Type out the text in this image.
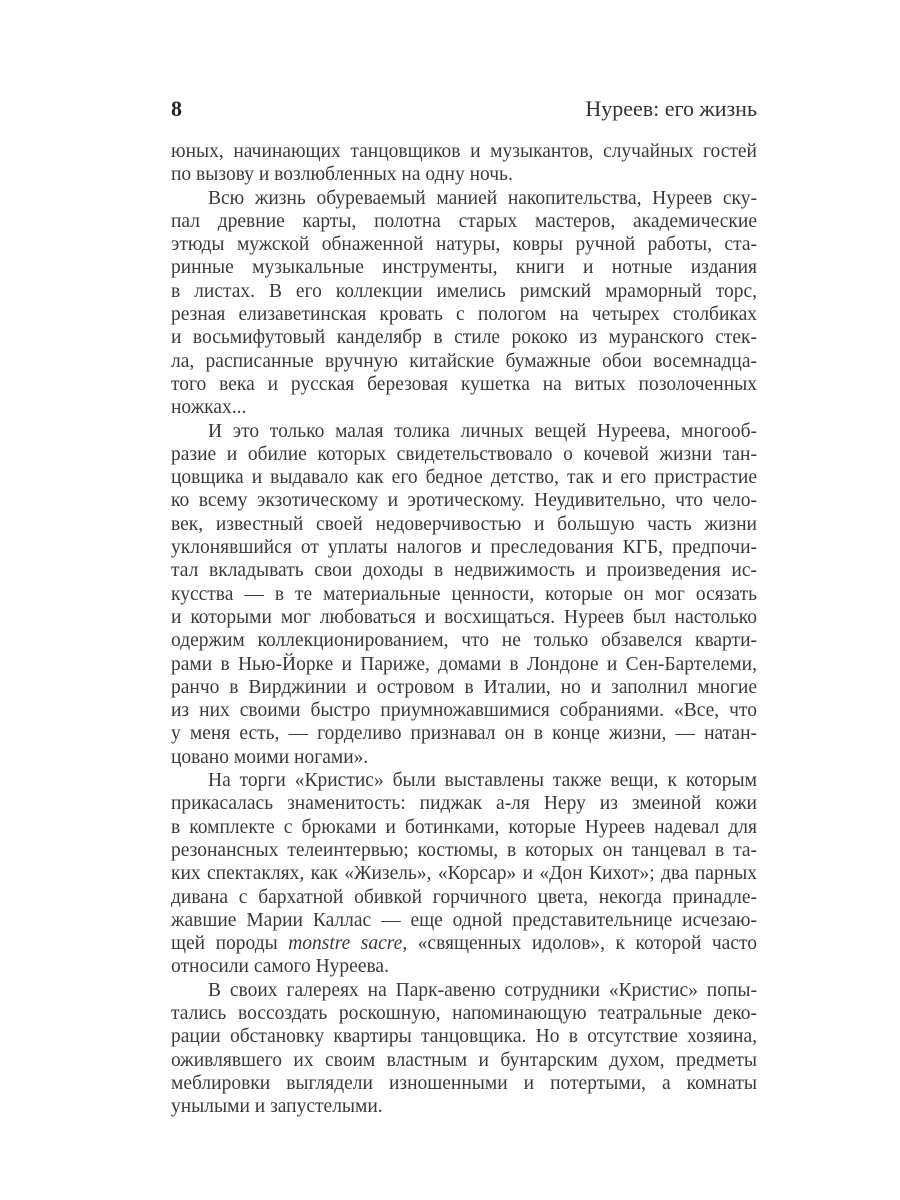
8	Нуреев: его жизнь
юных, начинающих танцовщиков и музыкантов, случайных гостей
по вызову и возлюбленных на одну ночь.
Всю жизнь обуреваемый манией накопительства, Нуреев ску-
пал древние карты, полотна старых мастеров, академические
этюды мужской обнаженной натуры, ковры ручной работы, ста-
ринные музыкальные инструменты, книги и нотные издания
в листах. В его коллекции имелись римский мраморный торс,
резная елизаветинская кровать с пологом на четырех столбиках
и восьмифутовый канделябр в стиле рококо из муранского стек-
ла, расписанные вручную китайские бумажные обои восемнадца-
того века и русская березовая кушетка на витых позолоченных
ножках...
И это только малая толика личных вещей Нуреева, многооб-
разие и обилие которых свидетельствовало о кочевой жизни тан-
цовщика и выдавало как его бедное детство, так и его пристрастие
ко всему экзотическому и эротическому. Неудивительно, что чело-
век, известный своей недоверчивостью и большую часть жизни
уклонявшийся от уплаты налогов и преследования КГБ, предпочи-
тал вкладывать свои доходы в недвижимость и произведения ис-
кусства — в те материальные ценности, которые он мог осязать
и которыми мог любоваться и восхищаться. Нуреев был настолько
одержим коллекционированием, что не только обзавелся кварти-
рами в Нью-Йорке и Париже, домами в Лондоне и Сен-Бартелеми,
ранчо в Вирджинии и островом в Италии, но и заполнил многие
из них своими быстро приумножавшимися собраниями. «Все, что
у меня есть, — горделиво признавал он в конце жизни, — натан-
цовано моими ногами».
На торги «Кристис» были выставлены также вещи, к которым
прикасалась знаменитость: пиджак а-ля Неру из змеиной кожи
в комплекте с брюками и ботинками, которые Нуреев надевал для
резонансных телеинтервью; костюмы, в которых он танцевал в та-
ких спектаклях, как «Жизель», «Корсар» и «Дон Кихот»; два парных
дивана с бархатной обивкой горчичного цвета, некогда принадле-
жавшие Марии Каллас — еще одной представительнице исчезаю-
щей породы monstre sacre, «священных идолов», к которой часто
относили самого Нуреева.
В своих галереях на Парк-авеню сотрудники «Кристис» попы-
тались воссоздать роскошную, напоминающую театральные деко-
рации обстановку квартиры танцовщика. Но в отсутствие хозяина,
оживлявшего их своим властным и бунтарским духом, предметы
меблировки выглядели изношенными и потертыми, а комнаты
унылыми и запустелыми.
